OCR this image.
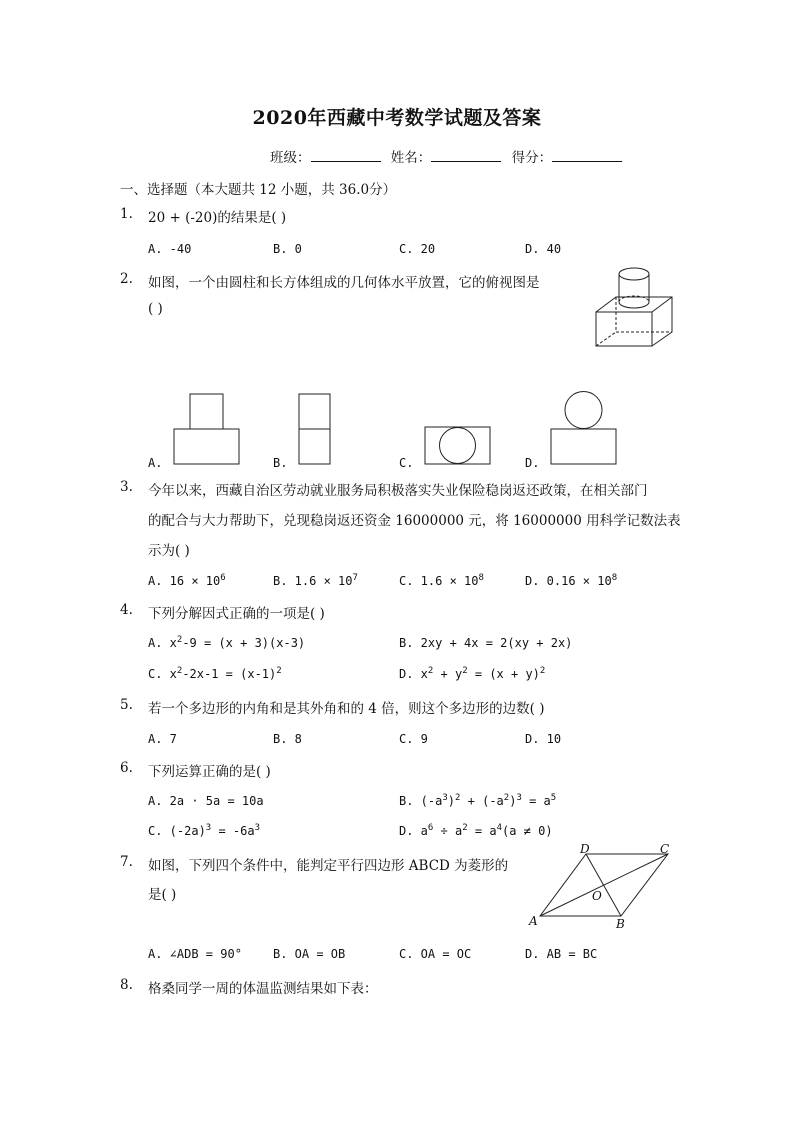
2020年西藏中考数学试题及答案
班级：	姓名：	得分：
一、选择题（本大题共 12 小题，共 36.0分）
1. 20 + (-20)的结果是( )
A. -40	B. 0	C. 20	D. 40
2. 如图，一个由圆柱和长方体组成的几何体水平放置，它的俯视图是
( )
A.	B.	C.	D.
3. 今年以来，西藏自治区劳动就业服务局积极落实失业保险稳岗返还政策，在相关部门
的配合与大力帮助下，兑现稳岗返还资金 16000000 元，将 16000000 用科学记数法表
示为( )
A. $16 \times 10^6$	B. $1.6 \times 10^7$	C. $1.6 \times 10^8$	D. $0.16 \times 10^8$
4. 下列分解因式正确的一项是( )
A. $x^2-9 = (x + 3)(x-3)$	B. 2xy + 4x = 2(xy + 2x)
C. $x^2-2x-1 = (x-1)^2$	D. $x^2 + y^2 = (x + y)^2$
5. 若一个多边形的内角和是其外角和的 4 倍，则这个多边形的边数( )
A. 7	B. 8	C. 9	D. 10
6. 下列运算正确的是( )
A. 2a · 5a = 10a	B. $(-a^3)^2 + (-a^2)^3 = a^5$
C. $(-2a)^3 = -6a^3$	D. $a^6 \div a^2 = a^4(a \ne 0)$
7. 如图，下列四个条件中，能判定平行四边形 ABCD 为菱形的
是( )
D	C
A	B
O
A. ∠ADB = 90°	B. OA = OB	C. OA = OC	D. AB = BC
8. 格桑同学一周的体温监测结果如下表：
